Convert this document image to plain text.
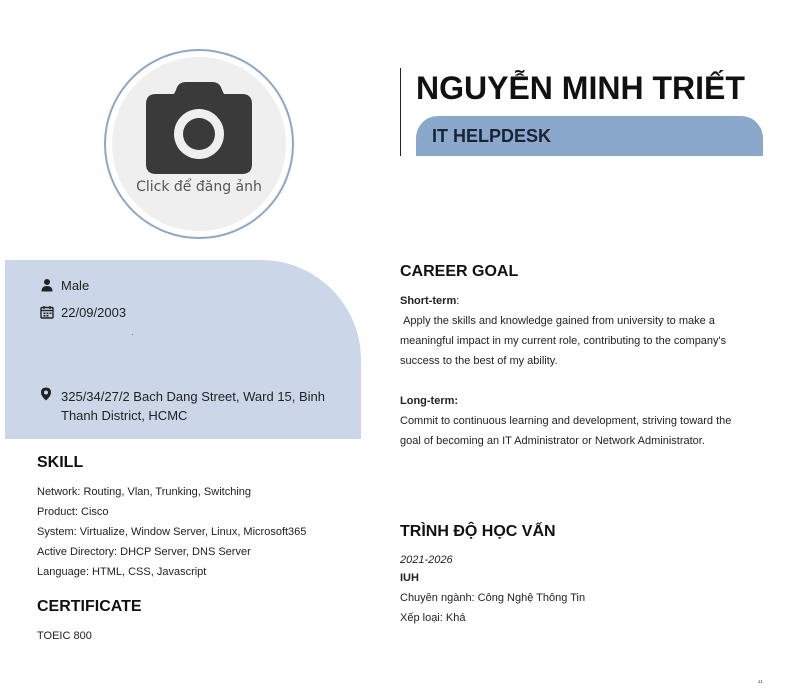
Click để đăng ảnh
NGUYỄN MINH TRIẾT
IT HELPDESK
Male
22/09/2003
325/34/27/2 Bach Dang Street, Ward 15, Binh Thanh District, HCMC
SKILL
Network: Routing, Vlan, Trunking, Switching
Product: Cisco
System: Virtualize, Window Server, Linux, Microsoft365
Active Directory: DHCP Server, DNS Server
Language: HTML, CSS, Javascript
CERTIFICATE
TOEIC 800
CAREER GOAL
Short-term:
Apply the skills and knowledge gained from university to make a meaningful impact in my current role, contributing to the company's success to the best of my ability.
Long-term:
Commit to continuous learning and development, striving toward the goal of becoming an IT Administrator or Network Administrator.
TRÌNH ĐỘ HỌC VẤN
2021-2026
IUH
Chuyên ngành: Công Nghệ Thông Tin
Xếp loại: Khá
¹¹
